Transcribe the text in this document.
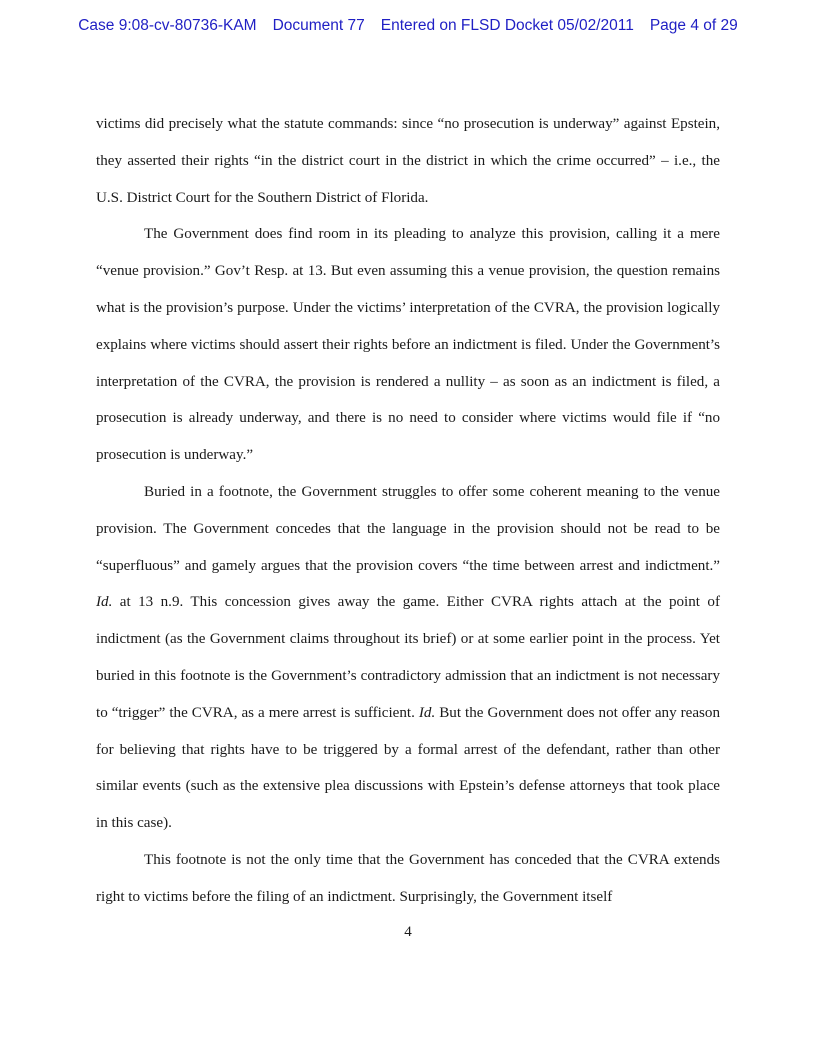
Case 9:08-cv-80736-KAM Document 77 Entered on FLSD Docket 05/02/2011 Page 4 of 29

victims did precisely what the statute commands: since “no prosecution is underway” against Epstein, they asserted their rights “in the district court in the district in which the crime occurred” – i.e., the U.S. District Court for the Southern District of Florida.

The Government does find room in its pleading to analyze this provision, calling it a mere “venue provision.” Gov’t Resp. at 13. But even assuming this a venue provision, the question remains what is the provision’s purpose. Under the victims’ interpretation of the CVRA, the provision logically explains where victims should assert their rights before an indictment is filed. Under the Government’s interpretation of the CVRA, the provision is rendered a nullity – as soon as an indictment is filed, a prosecution is already underway, and there is no need to consider where victims would file if “no prosecution is underway.”

Buried in a footnote, the Government struggles to offer some coherent meaning to the venue provision. The Government concedes that the language in the provision should not be read to be “superfluous” and gamely argues that the provision covers “the time between arrest and indictment.” Id. at 13 n.9. This concession gives away the game. Either CVRA rights attach at the point of indictment (as the Government claims throughout its brief) or at some earlier point in the process. Yet buried in this footnote is the Government’s contradictory admission that an indictment is not necessary to “trigger” the CVRA, as a mere arrest is sufficient. Id. But the Government does not offer any reason for believing that rights have to be triggered by a formal arrest of the defendant, rather than other similar events (such as the extensive plea discussions with Epstein’s defense attorneys that took place in this case).

This footnote is not the only time that the Government has conceded that the CVRA extends right to victims before the filing of an indictment. Surprisingly, the Government itself

4
